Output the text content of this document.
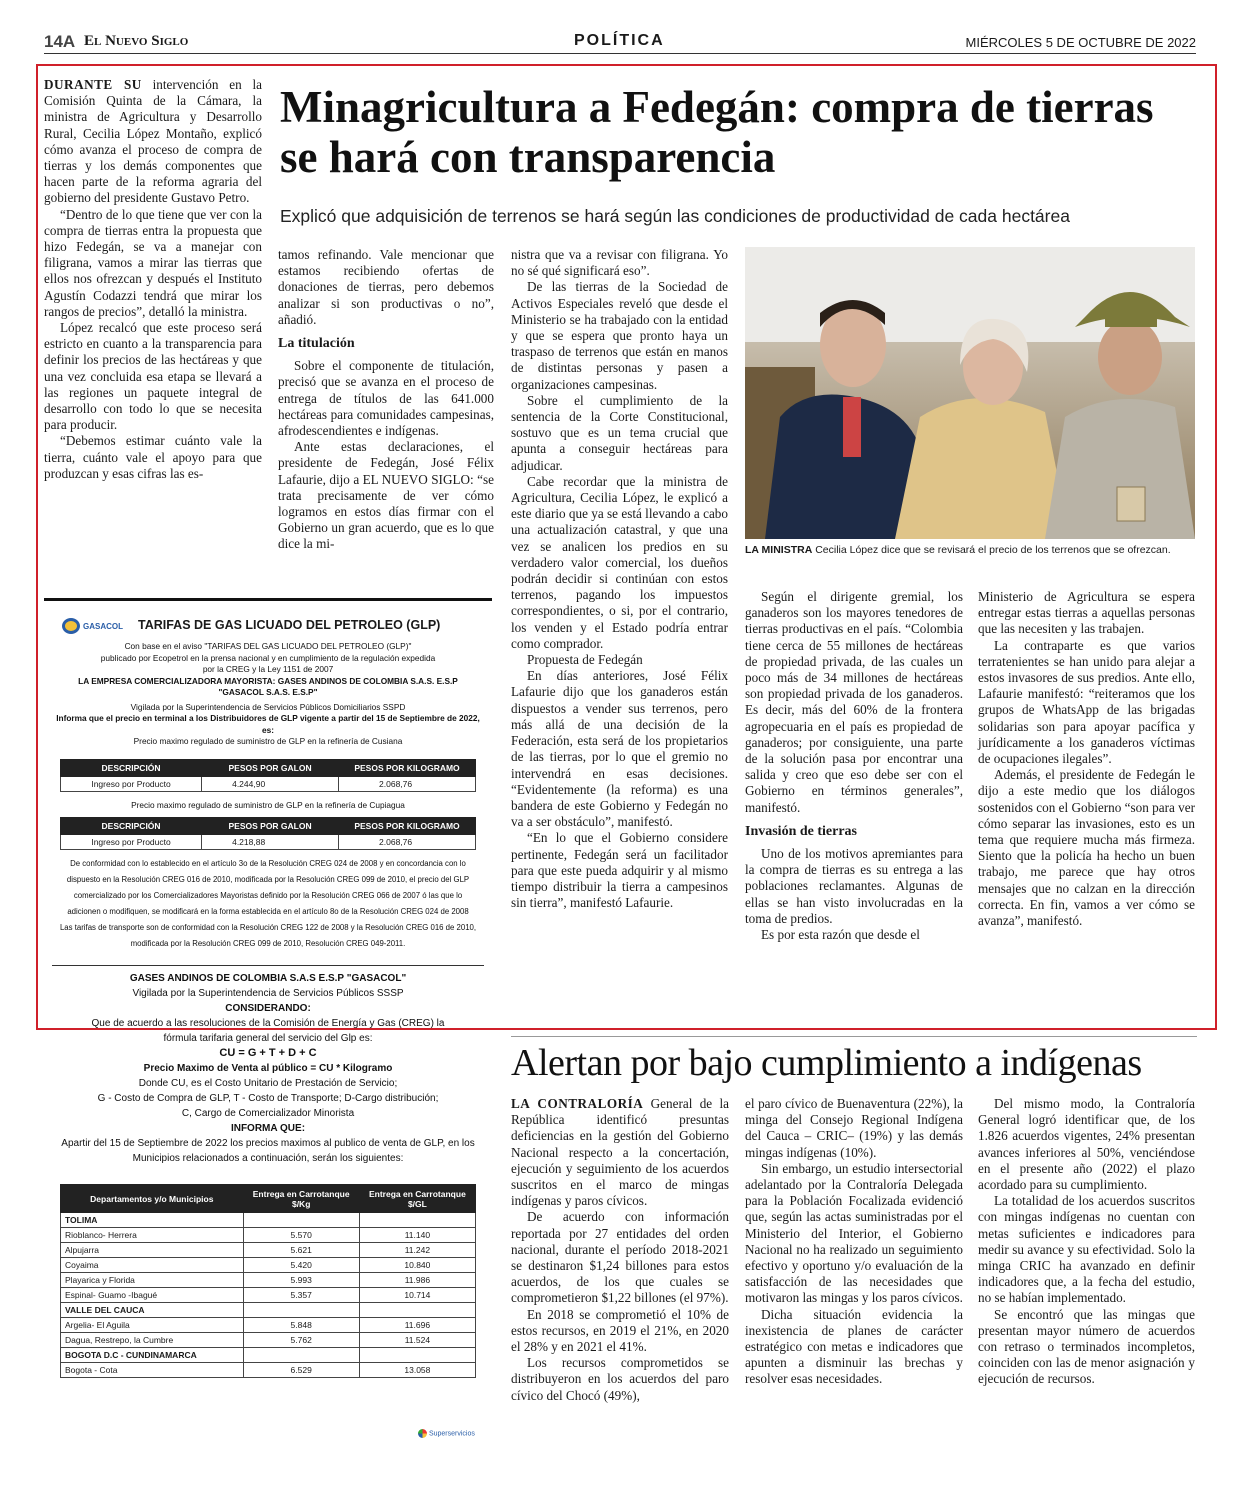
14A El Nuevo Siglo	POLÍTICA	MIÉRCOLES 5 DE OCTUBRE DE 2022
Minagricultura a Fedegán: compra de tierras se hará con transparencia
Explicó que adquisición de terrenos se hará según las condiciones de productividad de cada hectárea

DURANTE SU intervención en la Comisión Quinta de la Cámara, la ministra de Agricultura y Desarrollo Rural, Cecilia López Montaño, explicó cómo avanza el proceso de compra de tierras y los demás componentes que hacen parte de la reforma agraria del gobierno del presidente Gustavo Petro.

“Dentro de lo que tiene que ver con la compra de tierras entra la propuesta que hizo Fedegán, se va a manejar con filigrana, vamos a mirar las tierras que ellos nos ofrezcan y después el Instituto Agustín Codazzi tendrá que mirar los rangos de precios”, detalló la ministra.

López recalcó que este proceso será estricto en cuanto a la transparencia para definir los precios de las hectáreas y que una vez concluida esa etapa se llevará a las regiones un paquete integral de desarrollo con todo lo que se necesita para producir.

“Debemos estimar cuánto vale la tierra, cuánto vale el apoyo para que produzcan y esas cifras las es-

tamos refinando. Vale mencionar que estamos recibiendo ofertas de donaciones de tierras, pero debemos analizar si son productivas o no”, añadió.

La titulación

Sobre el componente de titulación, precisó que se avanza en el proceso de entrega de títulos de las 641.000 hectáreas para comunidades campesinas, afrodescendientes e indígenas.

Ante estas declaraciones, el presidente de Fedegán, José Félix Lafaurie, dijo a EL NUEVO SIGLO: “se trata precisamente de ver cómo logramos en estos días firmar con el Gobierno un gran acuerdo, que es lo que dice la mi-

nistra que va a revisar con filigrana. Yo no sé qué significará eso”.

De las tierras de la Sociedad de Activos Especiales reveló que desde el Ministerio se ha trabajado con la entidad y que se espera que pronto haya un traspaso de terrenos que están en manos de distintas personas y pasen a organizaciones campesinas.

Sobre el cumplimiento de la sentencia de la Corte Constitucional, sostuvo que es un tema crucial que apunta a conseguir hectáreas para adjudicar.

Cabe recordar que la ministra de Agricultura, Cecilia López, le explicó a este diario que ya se está llevando a cabo una actualización catastral, y que una vez se analicen los predios en su verdadero valor comercial, los dueños podrán decidir si continúan con estos terrenos, pagando los impuestos correspondientes, o si, por el contrario, los venden y el Estado podría entrar como comprador.

Propuesta de Fedegán

En días anteriores, José Félix Lafaurie dijo que los ganaderos están dispuestos a vender sus terrenos, pero más allá de una decisión de la Federación, esta será de los propietarios de las tierras, por lo que el gremio no intervendrá en esas decisiones. “Evidentemente (la reforma) es una bandera de este Gobierno y Fedegán no va a ser obstáculo”, manifestó.

“En lo que el Gobierno considere pertinente, Fedegán será un facilitador para que este pueda adquirir y al mismo tiempo distribuir la tierra a campesinos sin tierra”, manifestó Lafaurie.

LA MINISTRA Cecilia López dice que se revisará el precio de los terrenos que se ofrezcan.

Según el dirigente gremial, los ganaderos son los mayores tenedores de tierras productivas en el país. “Colombia tiene cerca de 55 millones de hectáreas de propiedad privada, de las cuales un poco más de 34 millones de hectáreas son propiedad privada de los ganaderos. Es decir, más del 60% de la frontera agropecuaria en el país es propiedad de ganaderos; por consiguiente, una parte de la solución pasa por encontrar una salida y creo que eso debe ser con el Gobierno en términos generales”, manifestó.

Invasión de tierras

Uno de los motivos apremiantes para la compra de tierras es su entrega a las poblaciones reclamantes. Algunas de ellas se han visto involucradas en la toma de predios.

Es por esta razón que desde el

Ministerio de Agricultura se espera entregar estas tierras a aquellas personas que las necesiten y las trabajen.

La contraparte es que varios terratenientes se han unido para alejar a estos invasores de sus predios. Ante ello, Lafaurie manifestó: “reiteramos que los grupos de WhatsApp de las brigadas solidarias son para apoyar pacífica y jurídicamente a los ganaderos víctimas de ocupaciones ilegales”.

Además, el presidente de Fedegán le dijo a este medio que los diálogos sostenidos con el Gobierno “son para ver cómo separar las invasiones, esto es un tema que requiere mucha más firmeza. Siento que la policía ha hecho un buen trabajo, me parece que hay otros mensajes que no calzan en la dirección correcta. En fin, vamos a ver cómo se avanza”, manifestó.

GASACOL TARIFAS DE GAS LICUADO DEL PETROLEO (GLP)
Con base en el aviso "TARIFAS DEL GAS LICUADO DEL PETROLEO (GLP)"
publicado por Ecopetrol en la prensa nacional y en cumplimiento de la regulación expedida por la CREG y la Ley 1151 de 2007
LA EMPRESA COMERCIALIZADORA MAYORISTA: GASES ANDINOS DE COLOMBIA S.A.S. E.S.P
"GASACOL S.A.S. E.S.P"
Vigilada por la Superintendencia de Servicios Públicos Domiciliarios SSPD
Informa que el precio en terminal a los Distribuidores de GLP vigente a partir del 15 de Septiembre de 2022, es:
Precio maximo regulado de suministro de GLP en la refinería de Cusiana
DESCRIPCIÓN	PESOS POR GALON	PESOS POR KILOGRAMO
Ingreso por Producto	4.244,90	2.068,76
Precio maximo regulado de suministro de GLP en la refinería de Cupiagua
DESCRIPCIÓN	PESOS POR GALON	PESOS POR KILOGRAMO
Ingreso por Producto	4.218,88	2.068,76
De conformidad con lo establecido en el artículo 3o de la Resolución CREG 024 de 2008 y en concordancia con lo dispuesto en la Resolución CREG 016 de 2010, modificada por la Resolución CREG 099 de 2010, el precio del GLP comercializado por los Comercializadores Mayoristas definido por la Resolución CREG 066 de 2007 ó las que lo adicionen o modifiquen, se modificará en la forma establecida en el artículo 8o de la Resolución CREG 024 de 2008
Las tarifas de transporte son de conformidad con la Resolución CREG 122 de 2008 y la Resolución CREG 016 de 2010, modificada por la Resolución CREG 099 de 2010, Resolución CREG 049-2011.
GASES ANDINOS DE COLOMBIA S.A.S E.S.P "GASACOL"
Vigilada por la Superintendencia de Servicios Públicos SSSP
CONSIDERANDO:
Que de acuerdo a las resoluciones de la Comisión de Energía y Gas (CREG) la fórmula tarifaria general del servicio del Glp es:
CU = G + T + D + C
Precio Maximo de Venta al público = CU * Kilogramo
Donde CU, es el Costo Unitario de Prestación de Servicio;
G - Costo de Compra de GLP, T - Costo de Transporte; D-Cargo distribución;
C, Cargo de Comercializador Minorista
INFORMA QUE:
Apartir del 15 de Septiembre de 2022 los precios maximos al publico de venta de GLP, en los Municipios relacionados a continuación, serán los siguientes:
Departamentos y/o Municipios	Entrega en Carrotanque $/Kg	Entrega en Carrotanque $/GL
TOLIMA		
Rioblanco- Herrera	5.570	11.140
Alpujarra	5.621	11.242
Coyaima	5.420	10.840
Playarica y Florida	5.993	11.986
Espinal- Guamo -Ibagué	5.357	10.714
VALLE DEL CAUCA		
Argelia- El Aguila	5.848	11.696
Dagua, Restrepo, la Cumbre	5.762	11.524
BOGOTA D.C - CUNDINAMARCA		
Bogota - Cota	6.529	13.058
Superservicios
Alertan por bajo cumplimiento a indígenas

LA CONTRALORÍA General de la República identificó presuntas deficiencias en la gestión del Gobierno Nacional respecto a la concertación, ejecución y seguimiento de los acuerdos suscritos en el marco de mingas indígenas y paros cívicos.

De acuerdo con información reportada por 27 entidades del orden nacional, durante el período 2018-2021 se destinaron $1,24 billones para estos acuerdos, de los que cuales se comprometieron $1,22 billones (el 97%).

En 2018 se comprometió el 10% de estos recursos, en 2019 el 21%, en 2020 el 28% y en 2021 el 41%.

Los recursos comprometidos se distribuyeron en los acuerdos del paro cívico del Chocó (49%),

el paro cívico de Buenaventura (22%), la minga del Consejo Regional Indígena del Cauca – CRIC– (19%) y las demás mingas indígenas (10%).

Sin embargo, un estudio intersectorial adelantado por la Contraloría Delegada para la Población Focalizada evidenció que, según las actas suministradas por el Ministerio del Interior, el Gobierno Nacional no ha realizado un seguimiento efectivo y oportuno y/o evaluación de la satisfacción de las necesidades que motivaron las mingas y los paros cívicos.

Dicha situación evidencia la inexistencia de planes de carácter estratégico con metas e indicadores que apunten a disminuir las brechas y resolver esas necesidades.

Del mismo modo, la Contraloría General logró identificar que, de los 1.826 acuerdos vigentes, 24% presentan avances inferiores al 50%, venciéndose en el presente año (2022) el plazo acordado para su cumplimiento.

La totalidad de los acuerdos suscritos con mingas indígenas no cuentan con metas suficientes e indicadores para medir su avance y su efectividad. Solo la minga CRIC ha avanzado en definir indicadores que, a la fecha del estudio, no se habían implementado.

Se encontró que las mingas que presentan mayor número de acuerdos con retraso o terminados incompletos, coinciden con las de menor asignación y ejecución de recursos.
